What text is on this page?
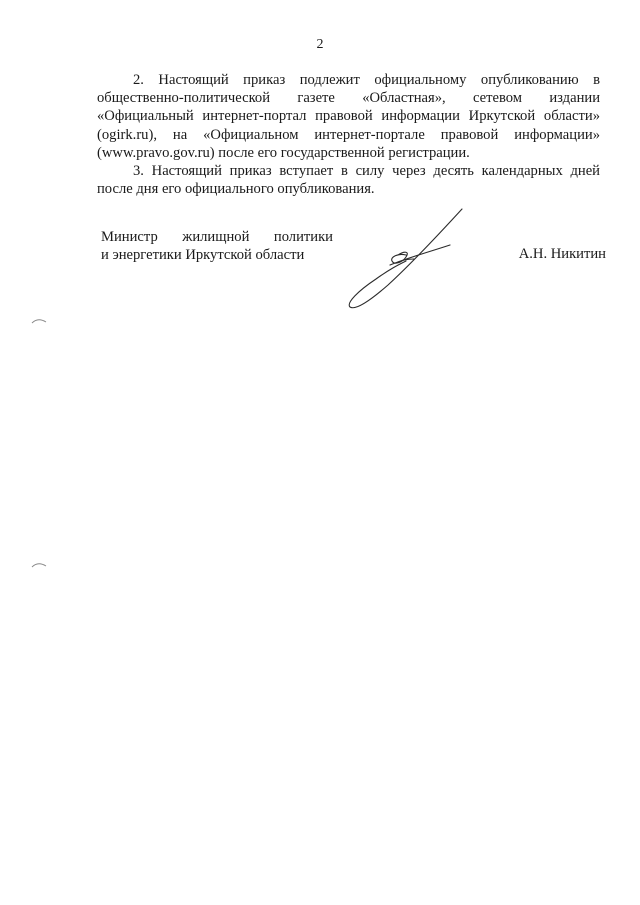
2

2. Настоящий приказ подлежит официальному опубликованию в общественно-политической газете «Областная», сетевом издании «Официальный интернет-портал правовой информации Иркутской области» (ogirk.ru), на «Официальном интернет-портале правовой информации» (www.pravo.gov.ru) после его государственной регистрации.

3. Настоящий приказ вступает в силу через десять календарных дней после дня его официального опубликования.

Министр жилищной политики
и энергетики Иркутской области	А.Н. Никитин
